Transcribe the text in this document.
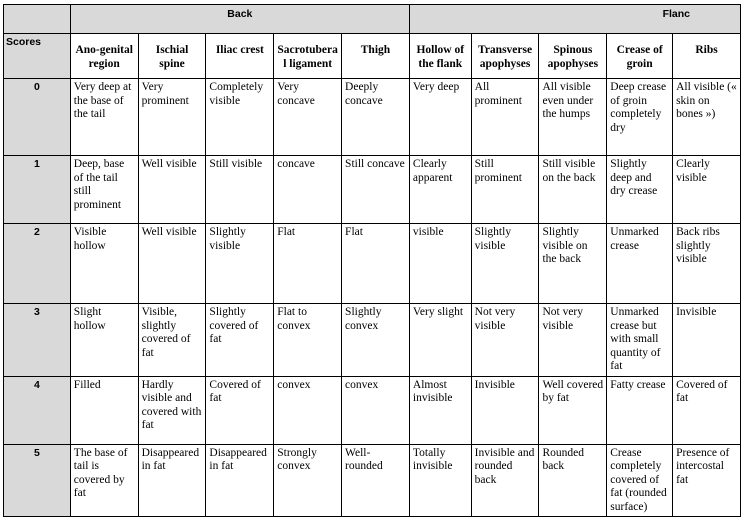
	Back					Flanc				
Scores	Ano-genital region	Ischial spine	Iliac crest	Sacrotuberal ligament	Thigh	Hollow of the flank	Transverse apophyses	Spinous apophyses	Crease of groin	Ribs
0	Very deep at the base of the tail	Very prominent	Completely visible	Very concave	Deeply concave	Very deep	All prominent	All visible even under the humps	Deep crease of groin completely dry	All visible (« skin on bones »)
1	Deep, base of the tail still prominent	Well visible	Still visible	concave	Still concave	Clearly apparent	Still prominent	Still visible on the back	Slightly deep and dry crease	Clearly visible
2	Visible hollow	Well visible	Slightly visible	Flat	Flat	visible	Slightly visible	Slightly visible on the back	Unmarked crease	Back ribs slightly visible
3	Slight hollow	Visible, slightly covered of fat	Slightly covered of fat	Flat to convex	Slightly convex	Very slight	Not very visible	Not very visible	Unmarked crease but with small quantity of fat	Invisible
4	Filled	Hardly visible and covered with fat	Covered of fat	convex	convex	Almost invisible	Invisible	Well covered by fat	Fatty crease	Covered of fat
5	The base of tail is covered by fat	Disappeared in fat	Disappeared in fat	Strongly convex	Well-rounded	Totally invisible	Invisible and rounded back	Rounded back	Crease completely covered of fat (rounded surface)	Presence of intercostal fat
